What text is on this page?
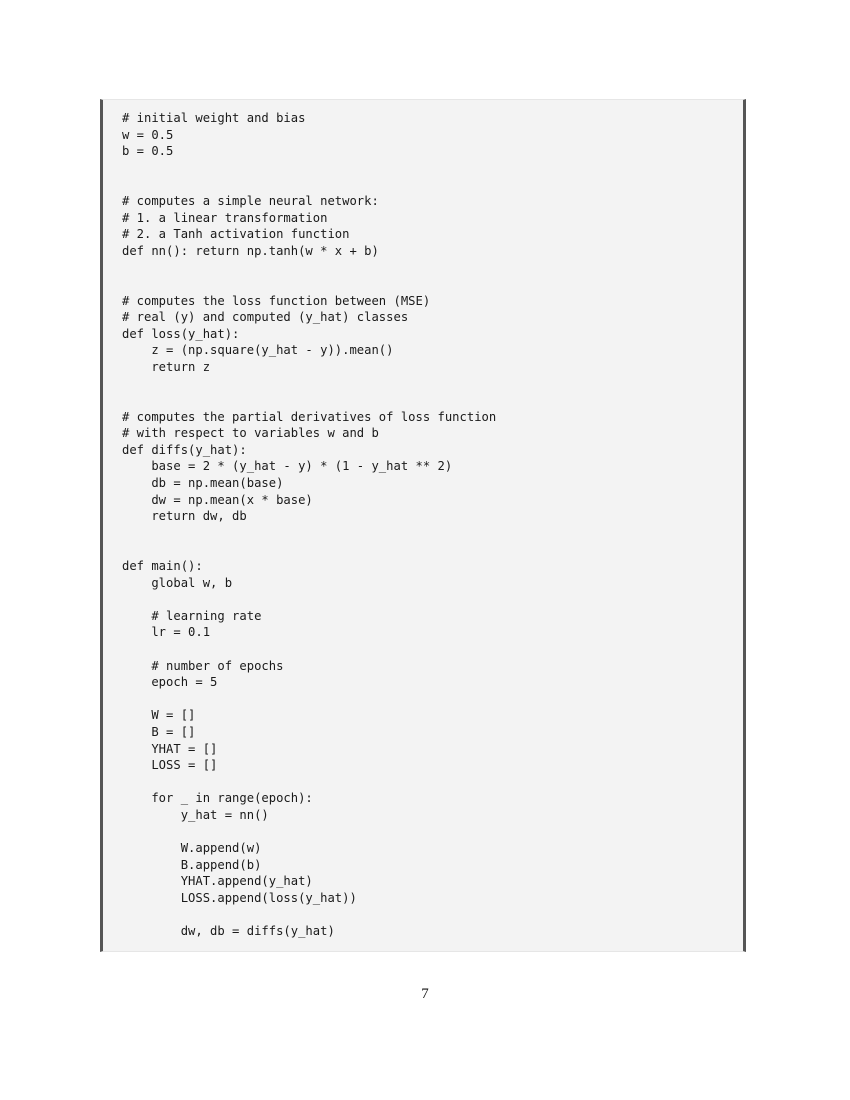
# initial weight and bias
w = 0.5
b = 0.5
# computes a simple neural network:
# 1. a linear transformation
# 2. a Tanh activation function
def nn(): return np.tanh(w * x + b)
# computes the loss function between (MSE)
# real (y) and computed (y_hat) classes
def loss(y_hat):
z = (np.square(y_hat - y)).mean()
return z
# computes the partial derivatives of loss function
# with respect to variables w and b
def diffs(y_hat):
base = 2 * (y_hat - y) * (1 - y_hat ** 2)
db = np.mean(base)
dw = np.mean(x * base)
return dw, db
def main():
global w, b
# learning rate
lr = 0.1
# number of epochs
epoch = 5
W = []
B = []
YHAT = []
LOSS = []
for _ in range(epoch):
y_hat = nn()
W.append(w)
B.append(b)
YHAT.append(y_hat)
LOSS.append(loss(y_hat))
dw, db = diffs(y_hat)
7
